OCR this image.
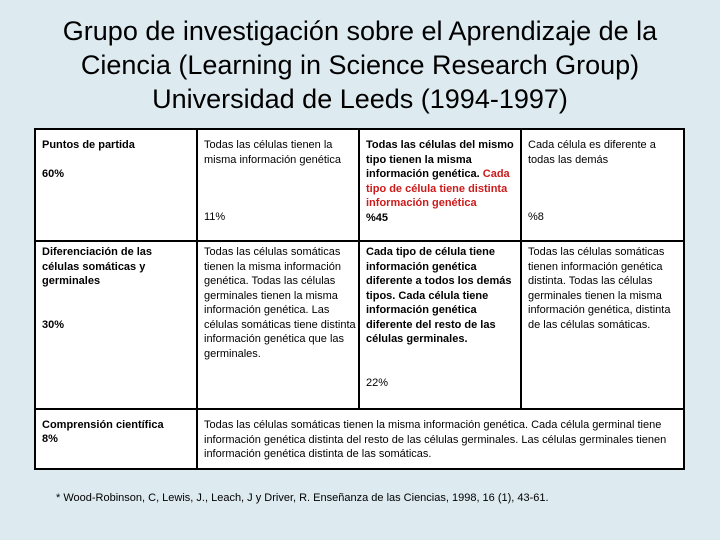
Grupo de investigación sobre el Aprendizaje de la
Ciencia (Learning in Science Research Group)
Universidad de Leeds (1994-1997)
Puntos de partida
60%
Todas las células tienen la misma información genética
11%
Todas las células del mismo tipo tienen la misma información genética. Cada tipo de célula tiene distinta información genética
%45
Cada célula es diferente a todas las demás
%8
Diferenciación de las células somáticas y germinales
30%
Todas las células somáticas tienen la misma información genética. Todas las células germinales tienen la misma información genética. Las células somáticas tiene distinta información genética que las germinales.
Cada tipo de célula tiene información genética diferente a todos los demás tipos. Cada célula tiene información genética diferente del resto de las células germinales.
22%
Todas las células somáticas tienen información genética distinta. Todas las células germinales tienen la misma información genética, distinta de las células somáticas.
Comprensión científica
8%
Todas las células somáticas tienen la misma información genética. Cada célula germinal tiene información genética distinta del resto de las células germinales. Las células germinales tienen información genética distinta de las somáticas.
* Wood-Robinson, C, Lewis, J., Leach, J y Driver, R. Enseñanza de las Ciencias, 1998, 16 (1), 43-61.
